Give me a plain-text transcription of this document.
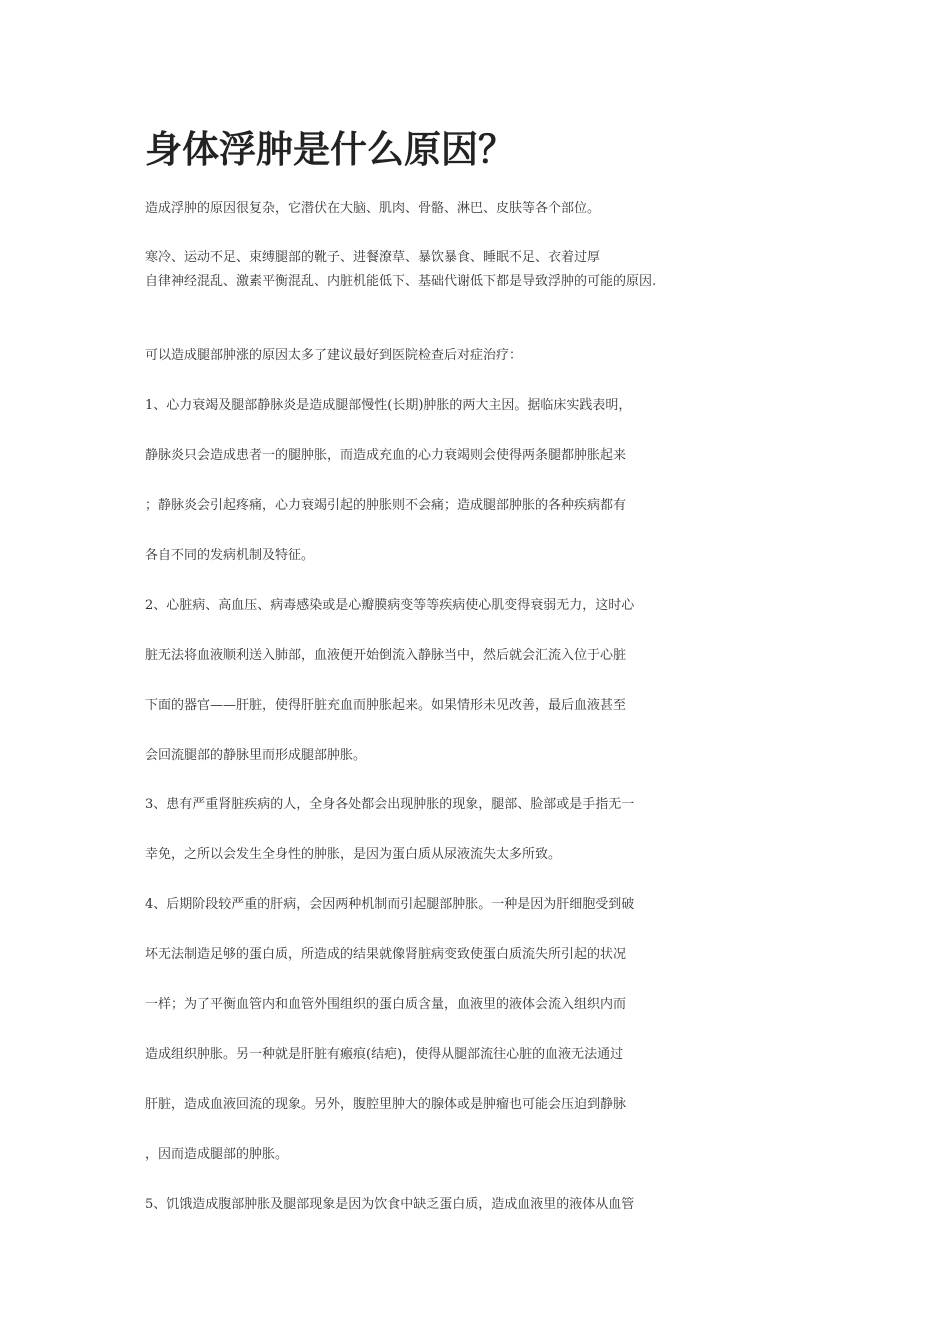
身体浮肿是什么原因？

造成浮肿的原因很复杂，它潜伏在大脑、肌肉、骨骼、淋巴、皮肤等各个部位。

寒冷、运动不足、束缚腿部的靴子、进餐潦草、暴饮暴食、睡眠不足、衣着过厚

自律神经混乱、激素平衡混乱、内脏机能低下、基础代谢低下都是导致浮肿的可能的原因.

可以造成腿部肿涨的原因太多了建议最好到医院检查后对症治疗：

1、心力衰竭及腿部静脉炎是造成腿部慢性(长期)肿胀的两大主因。据临床实践表明，

静脉炎只会造成患者一的腿肿胀，而造成充血的心力衰竭则会使得两条腿都肿胀起来

；静脉炎会引起疼痛，心力衰竭引起的肿胀则不会痛；造成腿部肿胀的各种疾病都有

各自不同的发病机制及特征。

2、心脏病、高血压、病毒感染或是心瓣膜病变等等疾病使心肌变得衰弱无力，这时心

脏无法将血液顺利送入肺部，血液便开始倒流入静脉当中，然后就会汇流入位于心脏

下面的器官——肝脏，使得肝脏充血而肿胀起来。如果情形未见改善，最后血液甚至

会回流腿部的静脉里而形成腿部肿胀。

3、患有严重肾脏疾病的人，全身各处都会出现肿胀的现象，腿部、脸部或是手指无一

幸免，之所以会发生全身性的肿胀，是因为蛋白质从尿液流失太多所致。

4、后期阶段较严重的肝病，会因两种机制而引起腿部肿胀。一种是因为肝细胞受到破

坏无法制造足够的蛋白质，所造成的结果就像肾脏病变致使蛋白质流失所引起的状况

一样；为了平衡血管内和血管外围组织的蛋白质含量，血液里的液体会流入组织内而

造成组织肿胀。另一种就是肝脏有瘢痕(结疤)，使得从腿部流往心脏的血液无法通过

肝脏，造成血液回流的现象。另外，腹腔里肿大的腺体或是肿瘤也可能会压迫到静脉

，因而造成腿部的肿胀。

5、饥饿造成腹部肿胀及腿部现象是因为饮食中缺乏蛋白质，造成血液里的液体从血管
